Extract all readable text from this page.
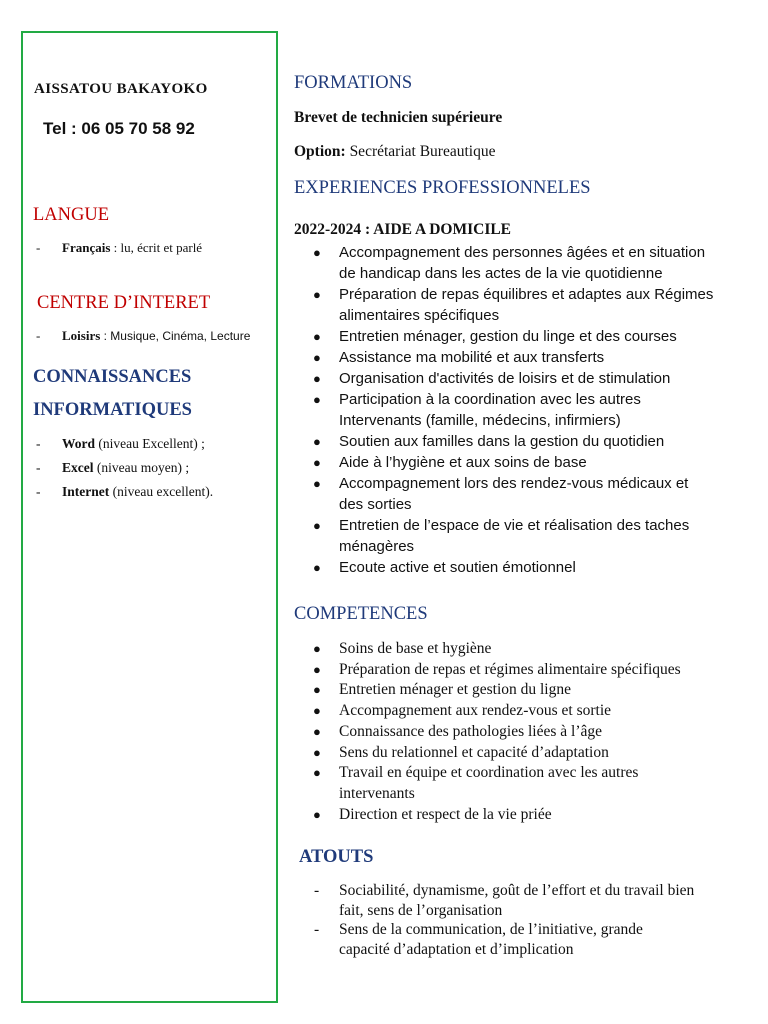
AISSATOU BAKAYOKO
Tel : 06 05 70 58 92
LANGUE
- Français : lu, écrit et parlé
CENTRE D’INTERET
- Loisirs : Musique, Cinéma, Lecture
CONNAISSANCES
INFORMATIQUES
- Word (niveau Excellent) ;
- Excel (niveau moyen) ;
- Internet (niveau excellent).
FORMATIONS
Brevet de technicien supérieure
Option: Secrétariat Bureautique
EXPERIENCES PROFESSIONNELES
2022-2024 : AIDE A DOMICILE
● Accompagnement des personnes âgées et en situation
de handicap dans les actes de la vie quotidienne
● Préparation de repas équilibres et adaptes aux Régimes
alimentaires spécifiques
● Entretien ménager, gestion du linge et des courses
● Assistance ma mobilité et aux transferts
● Organisation d'activités de loisirs et de stimulation
● Participation à la coordination avec les autres
Intervenants (famille, médecins, infirmiers)
● Soutien aux familles dans la gestion du quotidien
● Aide à l’hygiène et aux soins de base
● Accompagnement lors des rendez-vous médicaux et
des sorties
● Entretien de l’espace de vie et réalisation des taches
ménagères
● Ecoute active et soutien émotionnel
COMPETENCES
● Soins de base et hygiène
● Préparation de repas et régimes alimentaire spécifiques
● Entretien ménager et gestion du ligne
● Accompagnement aux rendez-vous et sortie
● Connaissance des pathologies liées à l’âge
● Sens du relationnel et capacité d’adaptation
● Travail en équipe et coordination avec les autres
intervenants
● Direction et respect de la vie priée
ATOUTS
- Sociabilité, dynamisme, goût de l’effort et du travail bien
fait, sens de l’organisation
- Sens de la communication, de l’initiative, grande
capacité d’adaptation et d’implication
